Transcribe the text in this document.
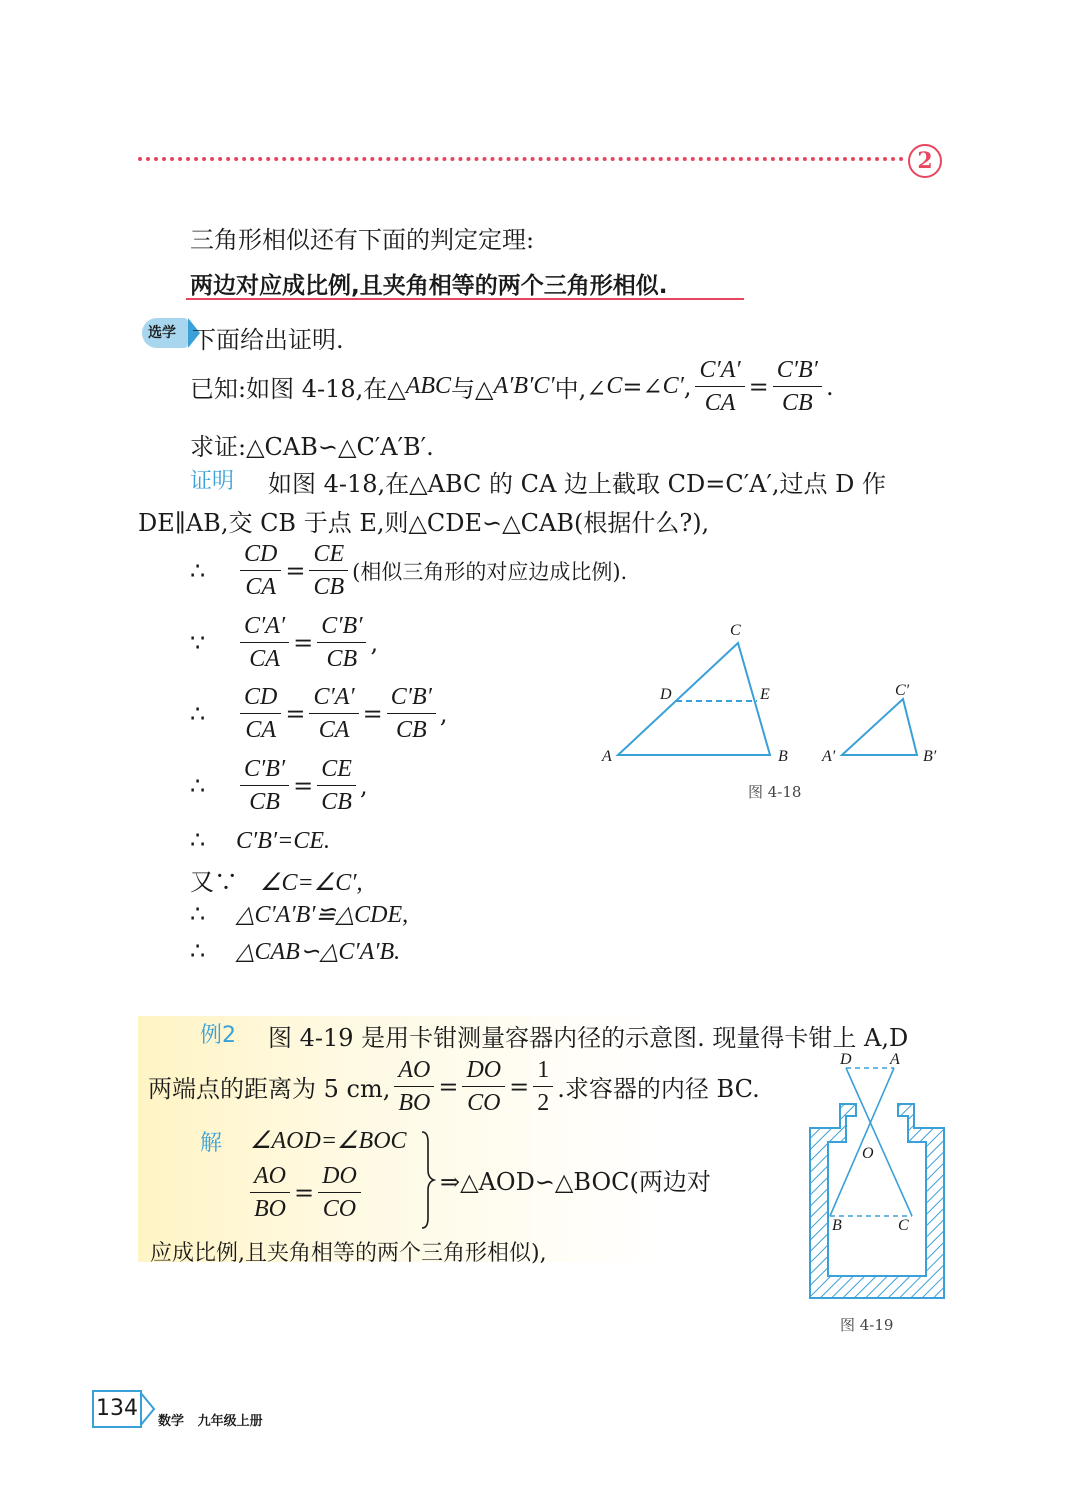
2
三角形相似还有下面的判定定理:
两边对应成比例,且夹角相等的两个三角形相似.
选学 下面给出证明.
已知:如图 4-18,在△ ABC 与△ A′B′C′ 中,∠ C =∠ C′ , $\frac{C'A'}{CA} = \frac{C'B'}{CB}$ .
求证:△CAB∽△C′A′B′.
证明 如图 4-18,在△ABC 的 CA 边上截取 CD=C′A′,过点 D 作
DE∥AB,交 CB 于点 E,则△CDE∽△CAB(根据什么?),
∴	$\frac{CD}{CA} = \frac{CE}{CB}$ (相似三角形的对应边成比例).
∵	$\frac{C'A'}{CA} = \frac{C'B'}{CB}$ ,
∴	$\frac{CD}{CA} = \frac{C'A'}{CA} = \frac{C'B'}{CB}$ ,
∴	$\frac{C'B'}{CB} = \frac{CE}{CB}$ ,
∴ C′B′=CE.
又∵ ∠C=∠C′,
∴ △C′A′B′≌△CDE,
∴ △CAB∽△C′A′B.
C
D	E
A	B
C′
A′	B′
图 4-18
例2 图 4-19 是用卡钳测量容器内径的示意图. 现量得卡钳上 A,D
两端点的距离为 5 cm, $\frac{AO}{BO} = \frac{DO}{CO} = \frac{1}{2}$ .求容器的内径 BC.
解 ∠AOD=∠BOC
$\frac{AO}{BO} = \frac{DO}{CO}$	⇒△AOD∽△BOC(两边对
应成比例,且夹角相等的两个三角形相似),
D A
O
B	C
图 4-19
134
数学   九年级上册
